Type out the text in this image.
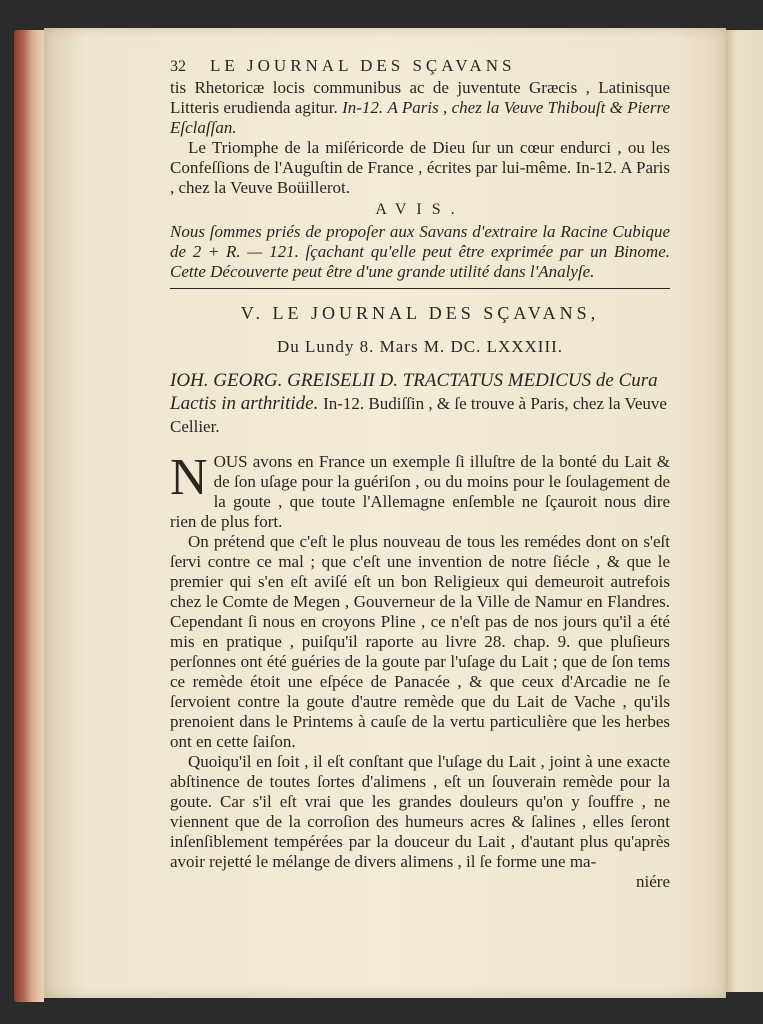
32	LE JOURNAL DES SÇAVANS

tis Rhetoricæ locis communibus ac de juventute Græcis , Latinisque Litteris erudienda agitur. In-12. A Paris , chez la Veuve Thibouſt & Pierre Eſclaſſan.

Le Triomphe de la miſéricorde de Dieu ſur un cœur endurci , ou les Confeſſions de l'Auguſtin de France , écrites par lui-même. In-12. A Paris , chez la Veuve Boüillerot.

AVIS.

Nous ſommes priés de propoſer aux Savans d'extraire la Racine Cubique de 2 + R. — 121. ſçachant qu'elle peut être exprimée par un Binome. Cette Découverte peut être d'une grande utilité dans l'Analyſe.

V. LE JOURNAL DES SÇAVANS,
Du Lundy 8. Mars M. DC. LXXXIII.
IOH. GEORG. GREISELII D. TRACTATUS MEDICUS de Cura Lactis in arthritide. In-12. Budiſſin , & ſe trouve à Paris, chez la Veuve Cellier.

N OUS avons en France un exemple ſi illuſtre de la bonté du Lait & de ſon uſage pour la guériſon , ou du moins pour le ſoulagement de la goute , que toute l'Allemagne enſemble ne ſçauroit nous dire rien de plus fort.

On prétend que c'eſt le plus nouveau de tous les remédes dont on s'eſt ſervi contre ce mal ; que c'eſt une invention de notre ſiécle , & que le premier qui s'en eſt aviſé eſt un bon Religieux qui demeuroit autrefois chez le Comte de Megen , Gouverneur de la Ville de Namur en Flandres. Cependant ſi nous en croyons Pline , ce n'eſt pas de nos jours qu'il a été mis en pratique , puiſqu'il raporte au livre 28. chap. 9. que pluſieurs perſonnes ont été guéries de la goute par l'uſage du Lait ; que de ſon tems ce remède étoit une eſpéce de Panacée , & que ceux d'Arcadie ne ſe ſervoient contre la goute d'autre remède que du Lait de Vache , qu'ils prenoient dans le Printems à cauſe de la vertu particulière que les herbes ont en cette ſaiſon.

Quoiqu'il en ſoit , il eſt conſtant que l'uſage du Lait , joint à une exacte abſtinence de toutes ſortes d'alimens , eſt un ſouverain remède pour la goute. Car s'il eſt vrai que les grandes douleurs qu'on y ſouffre , ne viennent que de la corroſion des humeurs acres & ſalines , elles ſeront inſenſiblement tempérées par la douceur du Lait , d'autant plus qu'après avoir rejetté le mélange de divers alimens , il ſe forme une ma-

niére
